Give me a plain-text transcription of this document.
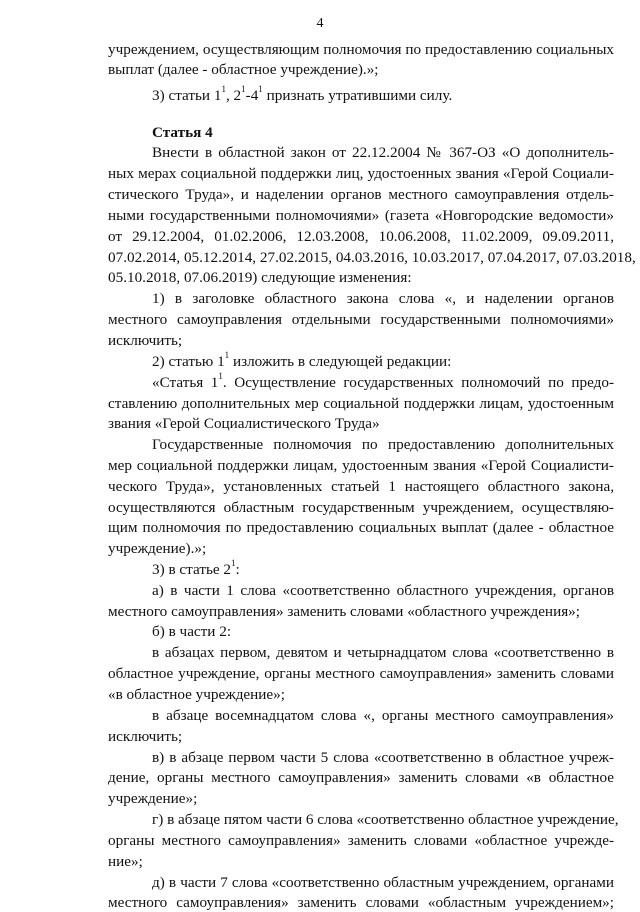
4
учреждением, осуществляющим полномочия по предоставлению социальных
выплат (далее - областное учреждение).»;
3) статьи $1^1$, $2^1-4^1$ признать утратившими силу.
Статья 4
Внести в областной закон от 22.12.2004 № 367-ОЗ «О дополнитель-
ных мерах социальной поддержки лиц, удостоенных звания «Герой Социали-
стического Труда», и наделении органов местного самоуправления отдель-
ными государственными полномочиями» (газета «Новгородские ведомости»
от 29.12.2004, 01.02.2006, 12.03.2008, 10.06.2008, 11.02.2009, 09.09.2011,
07.02.2014, 05.12.2014, 27.02.2015, 04.03.2016, 10.03.2017, 07.04.2017, 07.03.2018,
05.10.2018, 07.06.2019) следующие изменения:
1) в заголовке областного закона слова «, и наделении органов
местного самоуправления отдельными государственными полномочиями»
исключить;
2) статью $1^1$ изложить в следующей редакции:
«Статья $1^1$. Осуществление государственных полномочий по предо-
ставлению дополнительных мер социальной поддержки лицам, удостоенным
звания «Герой Социалистического Труда»
Государственные полномочия по предоставлению дополнительных
мер социальной поддержки лицам, удостоенным звания «Герой Социалисти-
ческого Труда», установленных статьей 1 настоящего областного закона,
осуществляются областным государственным учреждением, осуществляю-
щим полномочия по предоставлению социальных выплат (далее - областное
учреждение).»;
3) в статье $2^1$:
а) в части 1 слова «соответственно областного учреждения, органов
местного самоуправления» заменить словами «областного учреждения»;
б) в части 2:
в абзацах первом, девятом и четырнадцатом слова «соответственно в
областное учреждение, органы местного самоуправления» заменить словами
«в областное учреждение»;
в абзаце восемнадцатом слова «, органы местного самоуправления»
исключить;
в) в абзаце первом части 5 слова «соответственно в областное учреж-
дение, органы местного самоуправления» заменить словами «в областное
учреждение»;
г) в абзаце пятом части 6 слова «соответственно областное учреждение,
органы местного самоуправления» заменить словами «областное учрежде-
ние»;
д) в части 7 слова «соответственно областным учреждением, органами
местного самоуправления» заменить словами «областным учреждением»;
